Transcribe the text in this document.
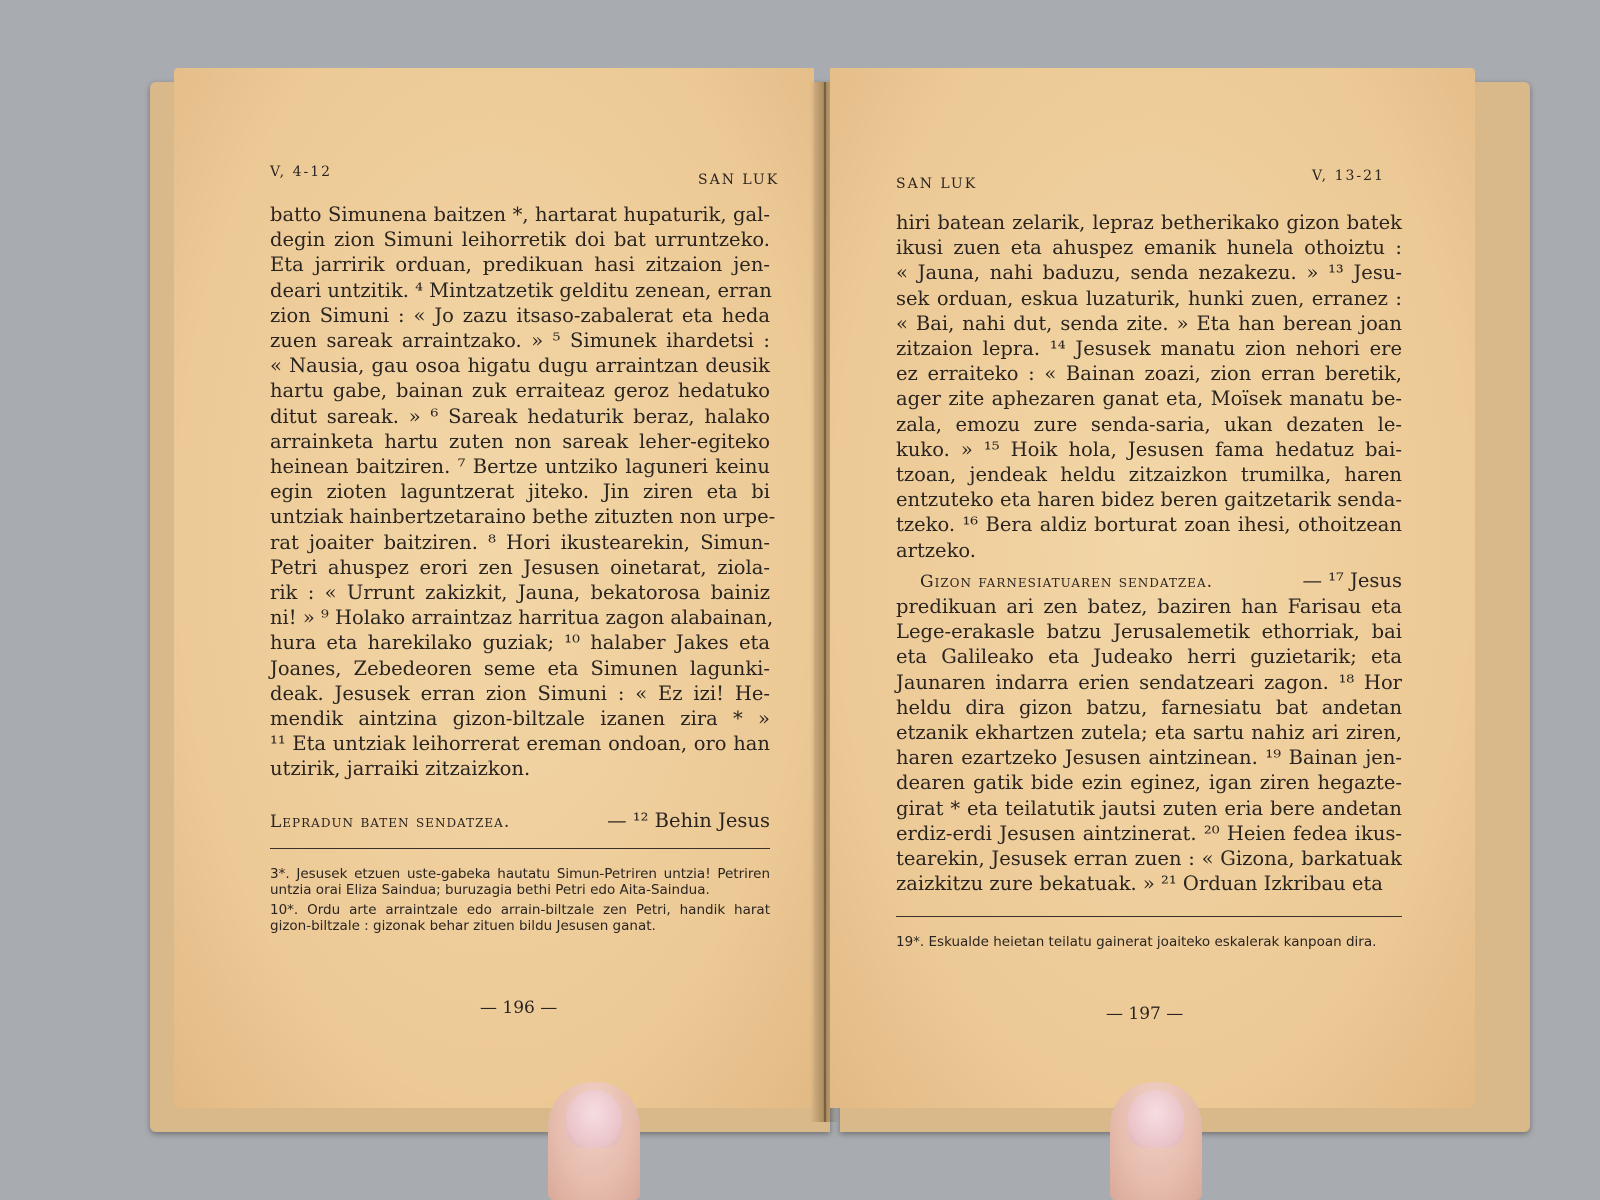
V, 4-12	SAN LUK
batto Simunena baitzen *, hartarat hupaturik, gal-
degin zion Simuni leihorretik doi bat urruntzeko.
Eta jarririk orduan, predikuan hasi zitzaion jen-
deari untzitik. ⁴ Mintzatzetik gelditu zenean, erran
zion Simuni : « Jo zazu itsaso-zabalerat eta heda
zuen sareak arraintzako. » ⁵ Simunek ihardetsi :
« Nausia, gau osoa higatu dugu arraintzan deusik
hartu gabe, bainan zuk erraiteaz geroz hedatuko
ditut sareak. » ⁶ Sareak hedaturik beraz, halako
arrainketa hartu zuten non sareak leher-egiteko
heinean baitziren. ⁷ Bertze untziko laguneri keinu
egin zioten laguntzerat jiteko. Jin ziren eta bi
untziak hainbertzetaraino bethe zituzten non urpe-
rat joaiter baitziren. ⁸ Hori ikustearekin, Simun-
Petri ahuspez erori zen Jesusen oinetarat, ziola-
rik : « Urrunt zakizkit, Jauna, bekatorosa bainiz
ni! » ⁹ Holako arraintzaz harritua zagon alabainan,
hura eta harekilako guziak; ¹⁰ halaber Jakes eta
Joanes, Zebedeoren seme eta Simunen lagunki-
deak. Jesusek erran zion Simuni : « Ez izi! He-
mendik aintzina gizon-biltzale izanen zira * »
¹¹ Eta untziak leihorrerat ereman ondoan, oro han
utzirik, jarraiki zitzaizkon.
Lepradun baten sendatzea.	— ¹² Behin Jesus

3*. Jesusek etzuen uste-gabeka hautatu Simun-Petriren untzia! Petriren untzia orai Eliza Saindua; buruzagia bethi Petri edo Aita-Saindua.

10*. Ordu arte arraintzale edo arrain-biltzale zen Petri, handik harat gizon-biltzale : gizonak behar zituen bildu Jesusen ganat.

— 196 —
SAN LUK	V, 13-21
hiri batean zelarik, lepraz betherikako gizon batek
ikusi zuen eta ahuspez emanik hunela othoiztu :
« Jauna, nahi baduzu, senda nezakezu. » ¹³ Jesu-
sek orduan, eskua luzaturik, hunki zuen, erranez :
« Bai, nahi dut, senda zite. » Eta han berean joan
zitzaion lepra. ¹⁴ Jesusek manatu zion nehori ere
ez erraiteko : « Bainan zoazi, zion erran beretik,
ager zite aphezaren ganat eta, Moïsek manatu be-
zala, emozu zure senda-saria, ukan dezaten le-
kuko. » ¹⁵ Hoik hola, Jesusen fama hedatuz bai-
tzoan, jendeak heldu zitzaizkon trumilka, haren
entzuteko eta haren bidez beren gaitzetarik senda-
tzeko. ¹⁶ Bera aldiz borturat zoan ihesi, othoitzean
artzeko.
Gizon farnesiatuaren sendatzea.	— ¹⁷ Jesus
predikuan ari zen batez, baziren han Farisau eta
Lege-erakasle batzu Jerusalemetik ethorriak, bai
eta Galileako eta Judeako herri guzietarik; eta
Jaunaren indarra erien sendatzeari zagon. ¹⁸ Hor
heldu dira gizon batzu, farnesiatu bat andetan
etzanik ekhartzen zutela; eta sartu nahiz ari ziren,
haren ezartzeko Jesusen aintzinean. ¹⁹ Bainan jen-
dearen gatik bide ezin eginez, igan ziren hegazte-
girat * eta teilatutik jautsi zuten eria bere andetan
erdiz-erdi Jesusen aintzinerat. ²⁰ Heien fedea ikus-
tearekin, Jesusek erran zuen : « Gizona, barkatuak
zaizkitzu zure bekatuak. » ²¹ Orduan Izkribau eta

19*. Eskualde heietan teilatu gainerat joaiteko eskalerak kanpoan dira.

— 197 —
